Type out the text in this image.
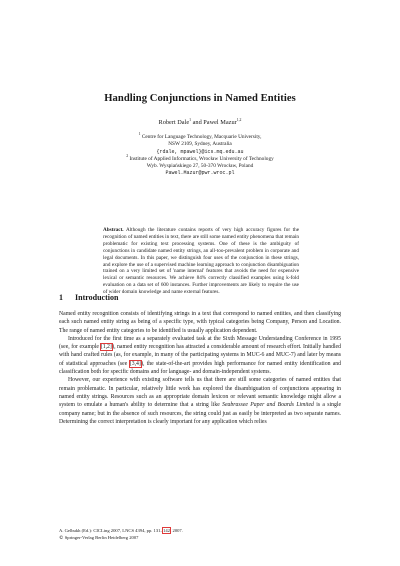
Handling Conjunctions in Named Entities
Robert Dale$^1$ and Pawel Mazur$^{1,2}$
$^1$ Centre for Language Technology, Macquarie University,
NSW 2109, Sydney, Australia
{rdale, mpawel}@ics.mq.edu.au
$^2$ Institute of Applied Informatics, Wrocław University of Technology
Wyb. Wyspiańskiego 27, 50-370 Wrocław, Poland
Pawel.Mazur@pwr.wroc.pl
Abstract. Although the literature contains reports of very high accuracy figures for the recognition of named entities in text, there are still some named entity phenomena that remain problematic for existing text processing systems. One of these is the ambiguity of conjunctions in candidate named entity strings, an all-too-prevalent problem in corporate and legal documents. In this paper, we distinguish four uses of the conjunction in these strings, and explore the use of a supervised machine learning approach to conjunction disambiguation trained on a very limited set of 'name internal' features that avoids the need for expensive lexical or semantic resources. We achieve 84% correctly classified examples using k-fold evaluation on a data set of 600 instances. Further improvements are likely to require the use of wider domain knowledge and name external features.
1 Introduction

Named entity recognition consists of identifying strings in a text that correspond to named entities, and then classifying each such named entity string as being of a specific type, with typical categories being Company, Person and Location. The range of named entity categories to be identified is usually application dependent.

Introduced for the first time as a separately evaluated task at the Sixth Message Understanding Conference in 1995 (see, for example [1,2]), named entity recognition has attracted a considerable amount of research effort. Initially handled with hand crafted rules (as, for example, in many of the participating systems in MUC-6 and MUC-7) and later by means of statistical approaches (see [3,4]), the state-of-the-art provides high performance for named entity identification and classification both for specific domains and for language- and domain-independent systems.

However, our experience with existing software tells us that there are still some categories of named entities that remain problematic. In particular, relatively little work has explored the disambiguation of conjunctions appearing in named entity strings. Resources such as an appropriate domain lexicon or relevant semantic knowledge might allow a system to emulate a human's ability to determine that a string like Seabrassee Paper and Boards Limited is a single company name; but in the absence of such resources, the string could just as easily be interpreted as two separate names. Determining the correct interpretation is clearly important for any application which relies

A. Gelbukh (Ed.): CICLing 2007, LNCS 4394, pp. 131–142, 2007.
© Springer-Verlag Berlin Heidelberg 2007
